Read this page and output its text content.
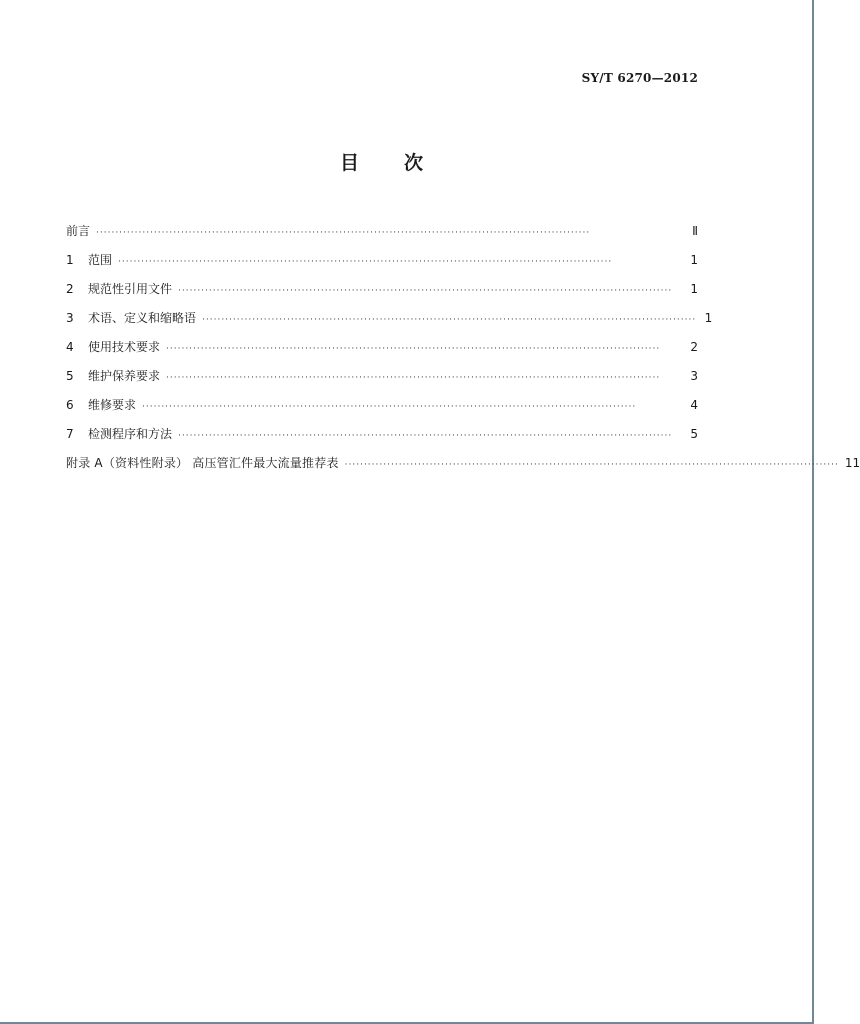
SY/T 6270—2012
目 次
前言 ································································································································	Ⅱ
1	范围 ································································································································	1
2	规范性引用文件 ································································································································	1
3	术语、定义和缩略语 ································································································································ 1
4	使用技术要求 ································································································································	2
5	维护保养要求 ································································································································	3
6	维修要求 ································································································································	4
7	检测程序和方法 ································································································································	5
附录 A（资料性附录） 高压管汇件最大流量推荐表 ································································································································ 11
